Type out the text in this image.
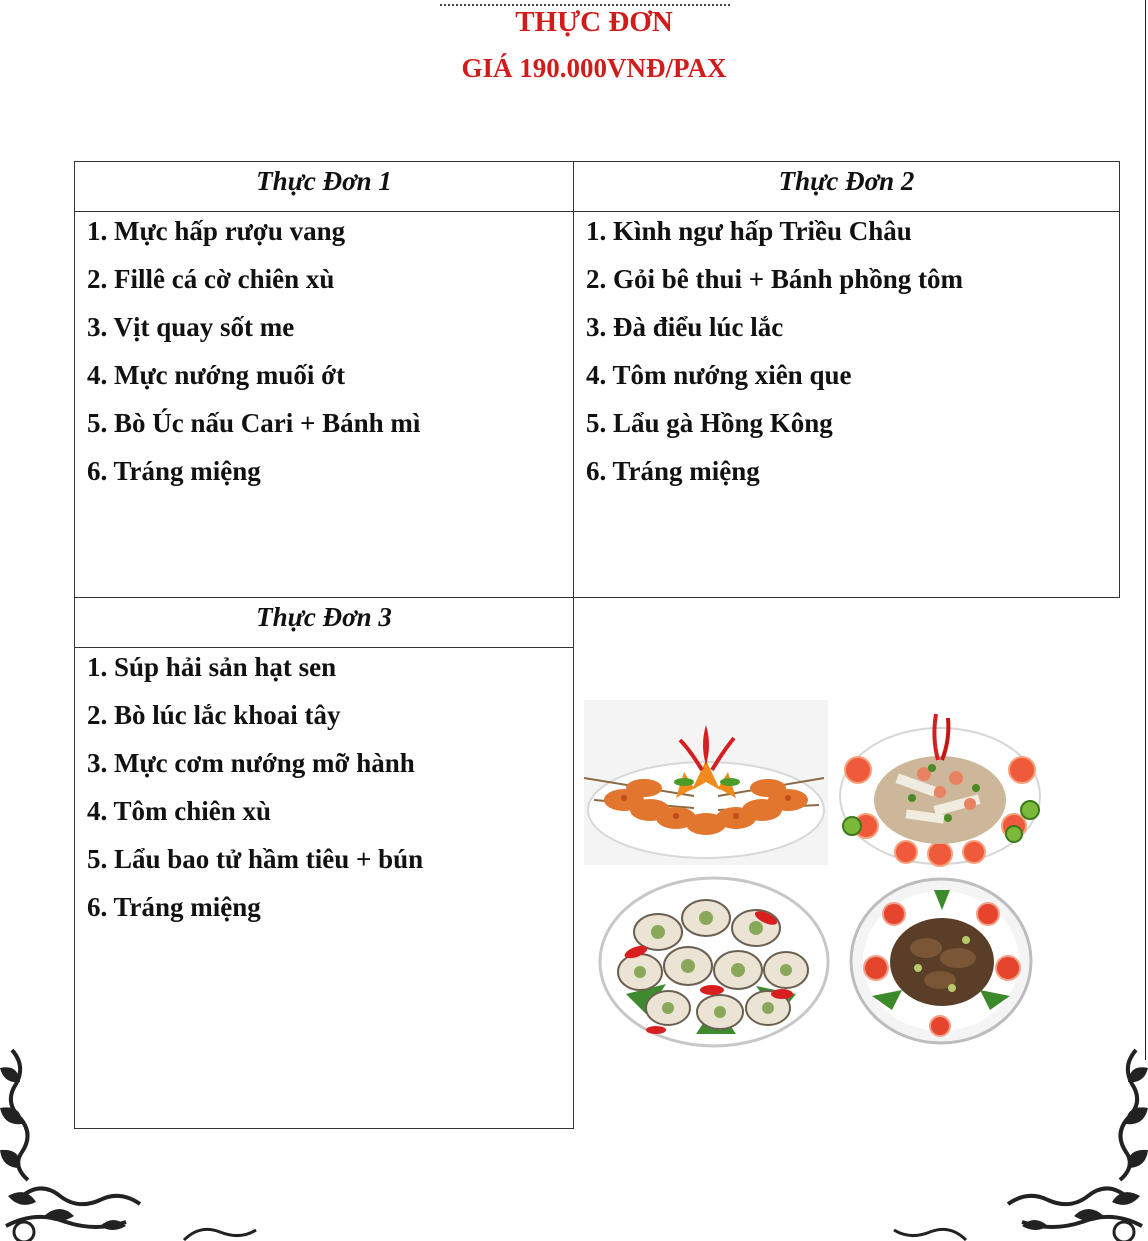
THỰC ĐƠN
GIÁ 190.000VNĐ/PAX
Thực Đơn 1
1. Mực hấp rượu vang
2. Fillê cá cờ chiên xù
3. Vịt quay sốt me
4. Mực nướng muối ớt
5. Bò Úc nấu Cari + Bánh mì
6. Tráng miệng
Thực Đơn 2
1. Kình ngư hấp Triều Châu
2. Gỏi bê thui + Bánh phồng tôm
3. Đà điểu lúc lắc
4. Tôm nướng xiên que
5. Lẩu gà Hồng Kông
6. Tráng miệng
Thực Đơn 3
1. Súp hải sản hạt sen
2. Bò lúc lắc khoai tây
3. Mực cơm nướng mỡ hành
4. Tôm chiên xù
5. Lẩu bao tử hầm tiêu + bún
6. Tráng miệng
